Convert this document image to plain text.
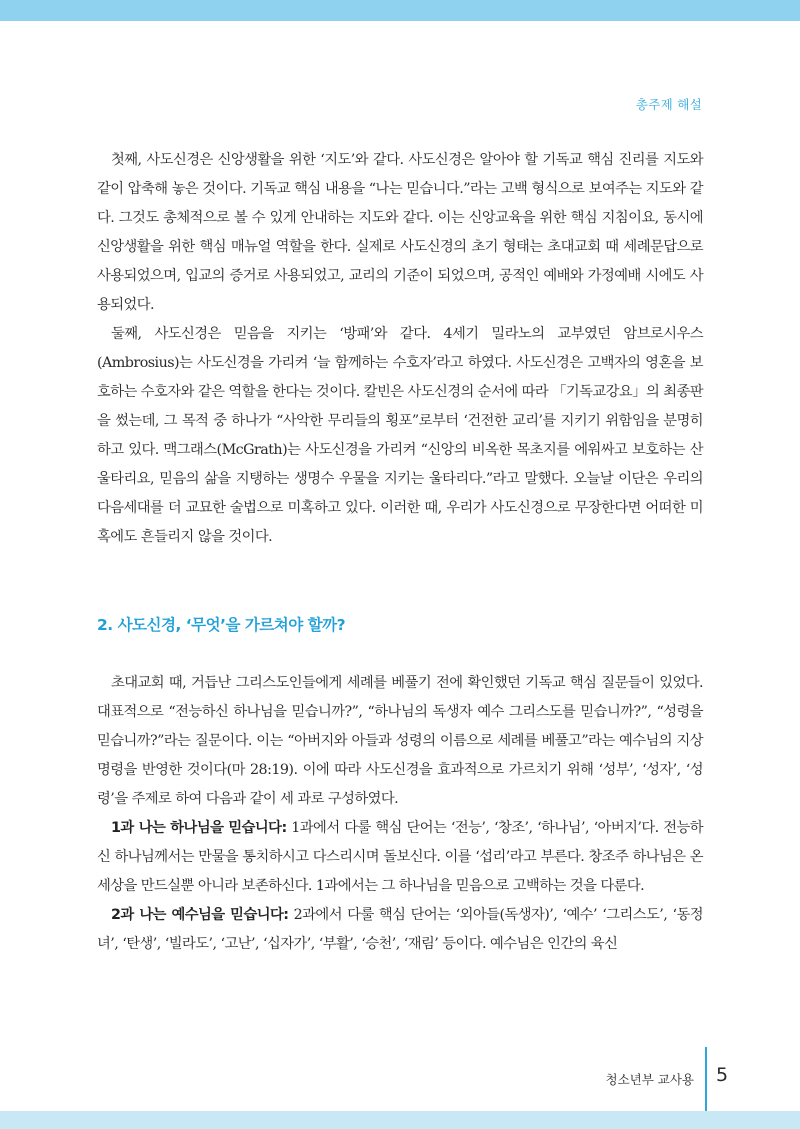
총주제 해설

첫째, 사도신경은 신앙생활을 위한 ‘지도’와 같다. 사도신경은 알아야 할 기독교 핵심 진리를 지도와 같이 압축해 놓은 것이다. 기독교 핵심 내용을 “나는 믿습니다.”라는 고백 형식으로 보여주는 지도와 같다. 그것도 총체적으로 볼 수 있게 안내하는 지도와 같다. 이는 신앙교육을 위한 핵심 지침이요, 동시에 신앙생활을 위한 핵심 매뉴얼 역할을 한다. 실제로 사도신경의 초기 형태는 초대교회 때 세례문답으로 사용되었으며, 입교의 증거로 사용되었고, 교리의 기준이 되었으며, 공적인 예배와 가정예배 시에도 사용되었다.

둘째, 사도신경은 믿음을 지키는 ‘방패’와 같다. 4세기 밀라노의 교부였던 암브로시우스(Ambrosius)는 사도신경을 가리켜 ‘늘 함께하는 수호자’라고 하였다. 사도신경은 고백자의 영혼을 보호하는 수호자와 같은 역할을 한다는 것이다. 칼빈은 사도신경의 순서에 따라 「기독교강요」의 최종판을 썼는데, 그 목적 중 하나가 “사악한 무리들의 횡포”로부터 ‘건전한 교리’를 지키기 위함임을 분명히 하고 있다. 맥그래스(McGrath)는 사도신경을 가리켜 “신앙의 비옥한 목초지를 에워싸고 보호하는 산울타리요, 믿음의 삶을 지탱하는 생명수 우물을 지키는 울타리다.”라고 말했다. 오늘날 이단은 우리의 다음세대를 더 교묘한 술법으로 미혹하고 있다. 이러한 때, 우리가 사도신경으로 무장한다면 어떠한 미혹에도 흔들리지 않을 것이다.

2. 사도신경, ‘무엇’을 가르쳐야 할까?

초대교회 때, 거듭난 그리스도인들에게 세례를 베풀기 전에 확인했던 기독교 핵심 질문들이 있었다. 대표적으로 “전능하신 하나님을 믿습니까?”, “하나님의 독생자 예수 그리스도를 믿습니까?”, “성령을 믿습니까?”라는 질문이다. 이는 “아버지와 아들과 성령의 이름으로 세례를 베풀고”라는 예수님의 지상명령을 반영한 것이다(마 28:19). 이에 따라 사도신경을 효과적으로 가르치기 위해 ‘성부’, ‘성자’, ‘성령’을 주제로 하여 다음과 같이 세 과로 구성하였다.

1과 나는 하나님을 믿습니다: 1과에서 다룰 핵심 단어는 ‘전능’, ‘창조’, ‘하나님’, ‘아버지’다. 전능하신 하나님께서는 만물을 통치하시고 다스리시며 돌보신다. 이를 ‘섭리’라고 부른다. 창조주 하나님은 온 세상을 만드실뿐 아니라 보존하신다. 1과에서는 그 하나님을 믿음으로 고백하는 것을 다룬다.

2과 나는 예수님을 믿습니다: 2과에서 다룰 핵심 단어는 ‘외아들(독생자)’, ‘예수’ ‘그리스도’, ‘동정녀’, ‘탄생’, ‘빌라도’, ‘고난’, ‘십자가’, ‘부활’, ‘승천’, ‘재림’ 등이다. 예수님은 인간의 육신

청소년부 교사용 5
